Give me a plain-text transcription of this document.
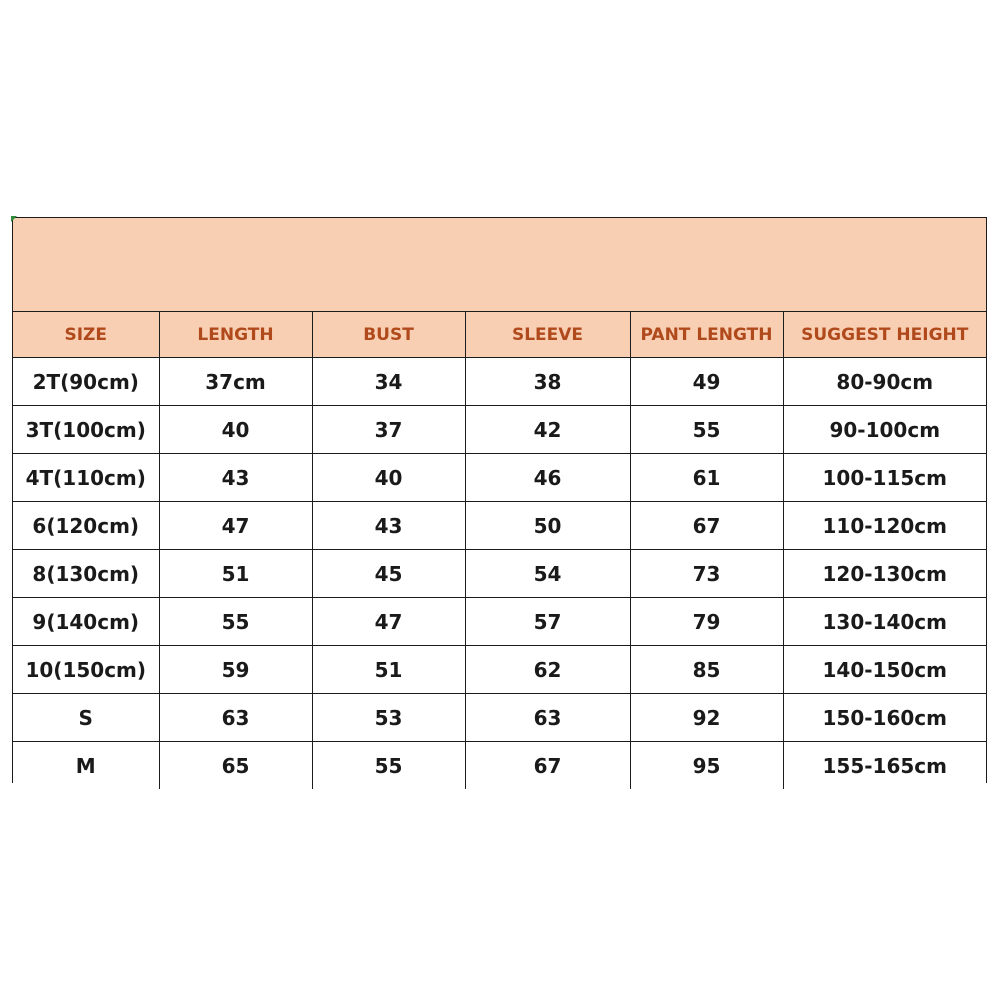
SIZE	LENGTH	BUST	SLEEVE	PANT LENGTH	SUGGEST HEIGHT
2T(90cm)	37cm	34	38	49	80-90cm
3T(100cm)	40	37	42	55	90-100cm
4T(110cm)	43	40	46	61	100-115cm
6(120cm)	47	43	50	67	110-120cm
8(130cm)	51	45	54	73	120-130cm
9(140cm)	55	47	57	79	130-140cm
10(150cm)	59	51	62	85	140-150cm
S	63	53	63	92	150-160cm
M	65	55	67	95	155-165cm
